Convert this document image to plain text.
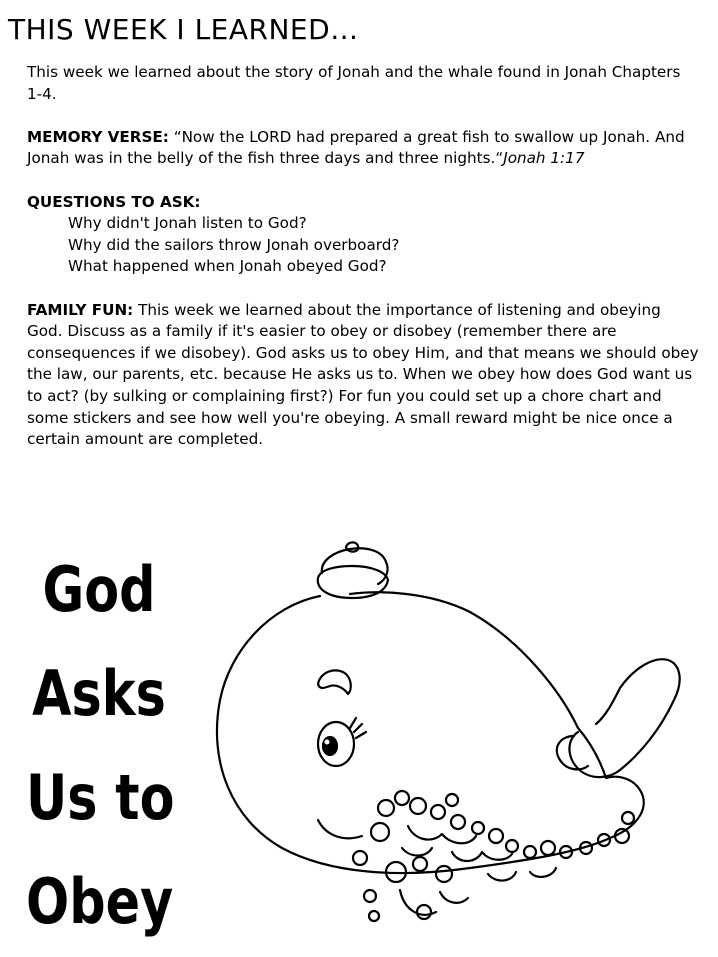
THIS WEEK I LEARNED…

This week we learned about the story of Jonah and the whale found in Jonah Chapters 1-4.

MEMORY VERSE: “Now the LORD had prepared a great fish to swallow up Jonah. And Jonah was in the belly of the fish three days and three nights.“Jonah 1:17

QUESTIONS TO ASK:

Why didn't Jonah listen to God?
Why did the sailors throw Jonah overboard?
What happened when Jonah obeyed God?

FAMILY FUN: This week we learned about the importance of listening and obeying God. Discuss as a family if it's easier to obey or disobey (remember there are consequences if we disobey). God asks us to obey Him, and that means we should obey the law, our parents, etc. because He asks us to. When we obey how does God want us to act? (by sulking or complaining first?) For fun you could set up a chore chart and some stickers and see how well you're obeying. A small reward might be nice once a certain amount are completed.

God
Asks
Us to
Obey
